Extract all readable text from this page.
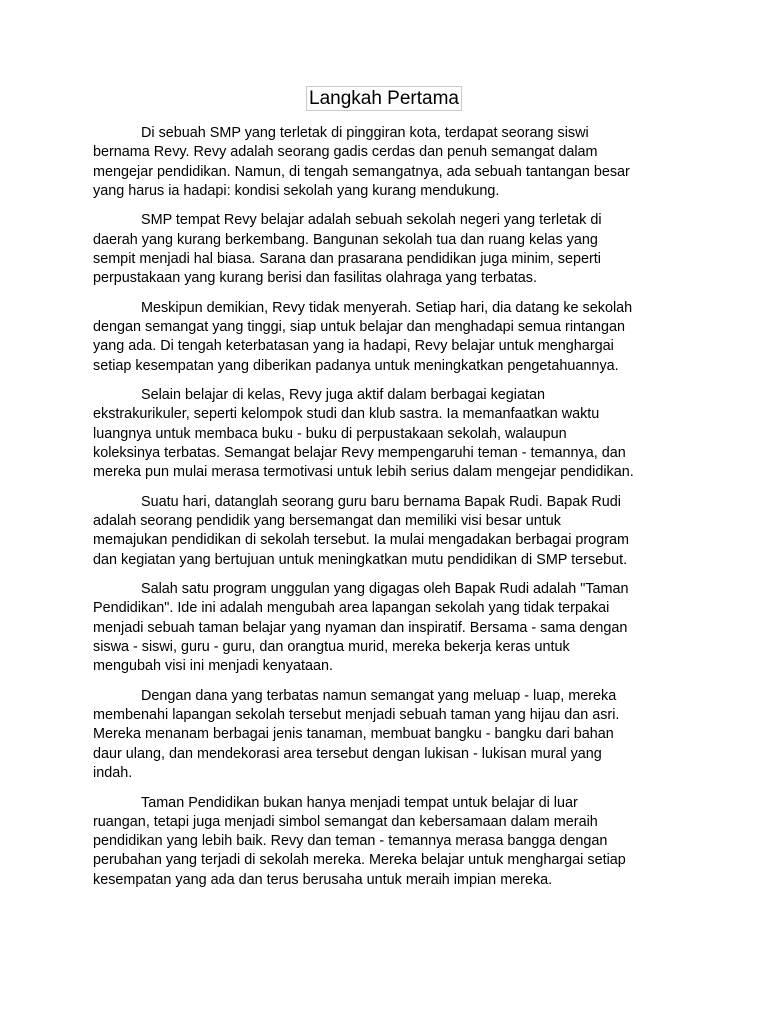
Langkah Pertama

Di sebuah SMP yang terletak di pinggiran kota, terdapat seorang siswi
bernama Revy. Revy adalah seorang gadis cerdas dan penuh semangat dalam
mengejar pendidikan. Namun, di tengah semangatnya, ada sebuah tantangan besar
yang harus ia hadapi: kondisi sekolah yang kurang mendukung.

SMP tempat Revy belajar adalah sebuah sekolah negeri yang terletak di
daerah yang kurang berkembang. Bangunan sekolah tua dan ruang kelas yang
sempit menjadi hal biasa. Sarana dan prasarana pendidikan juga minim, seperti
perpustakaan yang kurang berisi dan fasilitas olahraga yang terbatas.

Meskipun demikian, Revy tidak menyerah. Setiap hari, dia datang ke sekolah
dengan semangat yang tinggi, siap untuk belajar dan menghadapi semua rintangan
yang ada. Di tengah keterbatasan yang ia hadapi, Revy belajar untuk menghargai
setiap kesempatan yang diberikan padanya untuk meningkatkan pengetahuannya.

Selain belajar di kelas, Revy juga aktif dalam berbagai kegiatan
ekstrakurikuler, seperti kelompok studi dan klub sastra. Ia memanfaatkan waktu
luangnya untuk membaca buku - buku di perpustakaan sekolah, walaupun
koleksinya terbatas. Semangat belajar Revy mempengaruhi teman - temannya, dan
mereka pun mulai merasa termotivasi untuk lebih serius dalam mengejar pendidikan.

Suatu hari, datanglah seorang guru baru bernama Bapak Rudi. Bapak Rudi
adalah seorang pendidik yang bersemangat dan memiliki visi besar untuk
memajukan pendidikan di sekolah tersebut. Ia mulai mengadakan berbagai program
dan kegiatan yang bertujuan untuk meningkatkan mutu pendidikan di SMP tersebut.

Salah satu program unggulan yang digagas oleh Bapak Rudi adalah "Taman
Pendidikan". Ide ini adalah mengubah area lapangan sekolah yang tidak terpakai
menjadi sebuah taman belajar yang nyaman dan inspiratif. Bersama - sama dengan
siswa - siswi, guru - guru, dan orangtua murid, mereka bekerja keras untuk
mengubah visi ini menjadi kenyataan.

Dengan dana yang terbatas namun semangat yang meluap - luap, mereka
membenahi lapangan sekolah tersebut menjadi sebuah taman yang hijau dan asri.
Mereka menanam berbagai jenis tanaman, membuat bangku - bangku dari bahan
daur ulang, dan mendekorasi area tersebut dengan lukisan - lukisan mural yang
indah.

Taman Pendidikan bukan hanya menjadi tempat untuk belajar di luar
ruangan, tetapi juga menjadi simbol semangat dan kebersamaan dalam meraih
pendidikan yang lebih baik. Revy dan teman - temannya merasa bangga dengan
perubahan yang terjadi di sekolah mereka. Mereka belajar untuk menghargai setiap
kesempatan yang ada dan terus berusaha untuk meraih impian mereka.
